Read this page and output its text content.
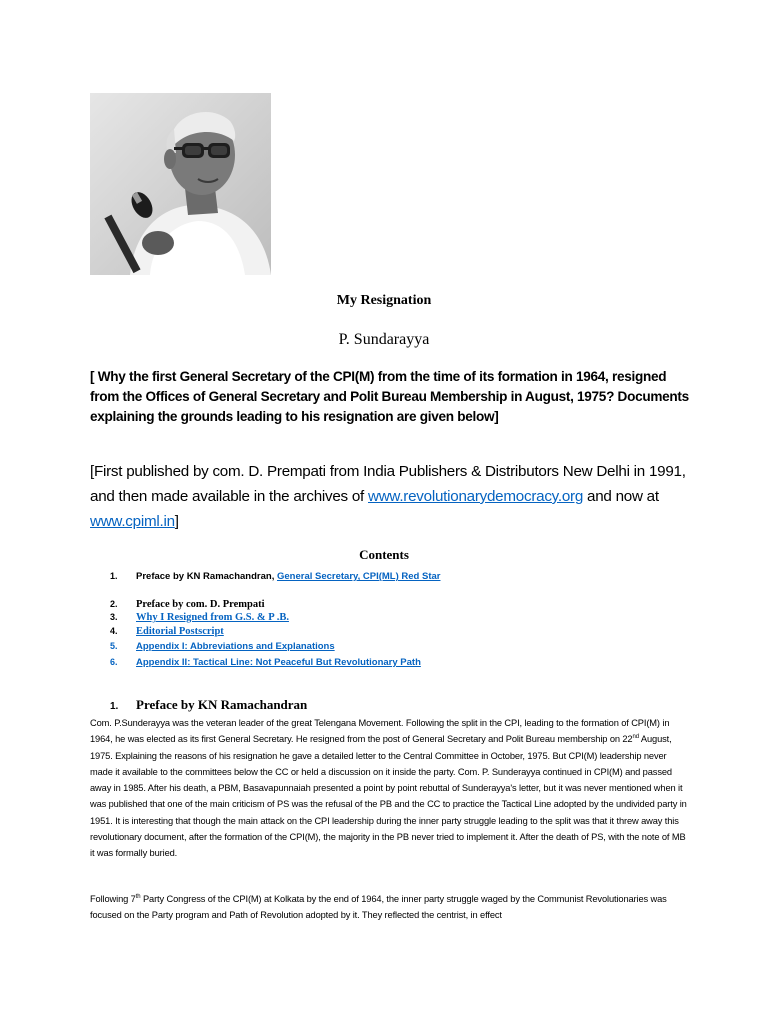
My Resignation
P. Sundarayya
[ Why the first General Secretary of the CPI(M) from the time of its formation in 1964, resigned from the Offices of General Secretary and Polit Bureau Membership in August, 1975? Documents explaining the grounds leading to his resignation are given below]
[First published by com. D. Prempati from India Publishers & Distributors New Delhi in 1991, and then made available in the archives of www.revolutionarydemocracy.org and now at www.cpiml.in]
Contents
1. Preface by KN Ramachandran, General Secretary, CPI(ML) Red Star
2. Preface by com. D. Prempati
3. Why I Resigned from G.S. & P .B.
4. Editorial Postscript
5. Appendix I: Abbreviations and Explanations
6. Appendix II: Tactical Line: Not Peaceful But Revolutionary Path
1. Preface by KN Ramachandran
Com. P.Sunderayya was the veteran leader of the great Telengana Movement. Following the split in the CPI, leading to the formation of CPI(M) in 1964, he was elected as its first General Secretary. He resigned from the post of General Secretary and Polit Bureau membership on 22nd August, 1975. Explaining the reasons of his resignation he gave a detailed letter to the Central Committee in October, 1975. But CPI(M) leadership never made it available to the committees below the CC or held a discussion on it inside the party. Com. P. Sunderayya continued in CPI(M) and passed away in 1985. After his death, a PBM, Basavapunnaiah presented a point by point rebuttal of Sunderayya's letter, but it was never mentioned when it was published that one of the main criticism of PS was the refusal of the PB and the CC to practice the Tactical Line adopted by the undivided party in 1951. It is interesting that though the main attack on the CPI leadership during the inner party struggle leading to the split was that it threw away this revolutionary document, after the formation of the CPI(M), the majority in the PB never tried to implement it. After the death of PS, with the note of MB it was formally buried.
Following 7th Party Congress of the CPI(M) at Kolkata by the end of 1964, the inner party struggle waged by the Communist Revolutionaries was focused on the Party program and Path of Revolution adopted by it. They reflected the centrist, in effect
